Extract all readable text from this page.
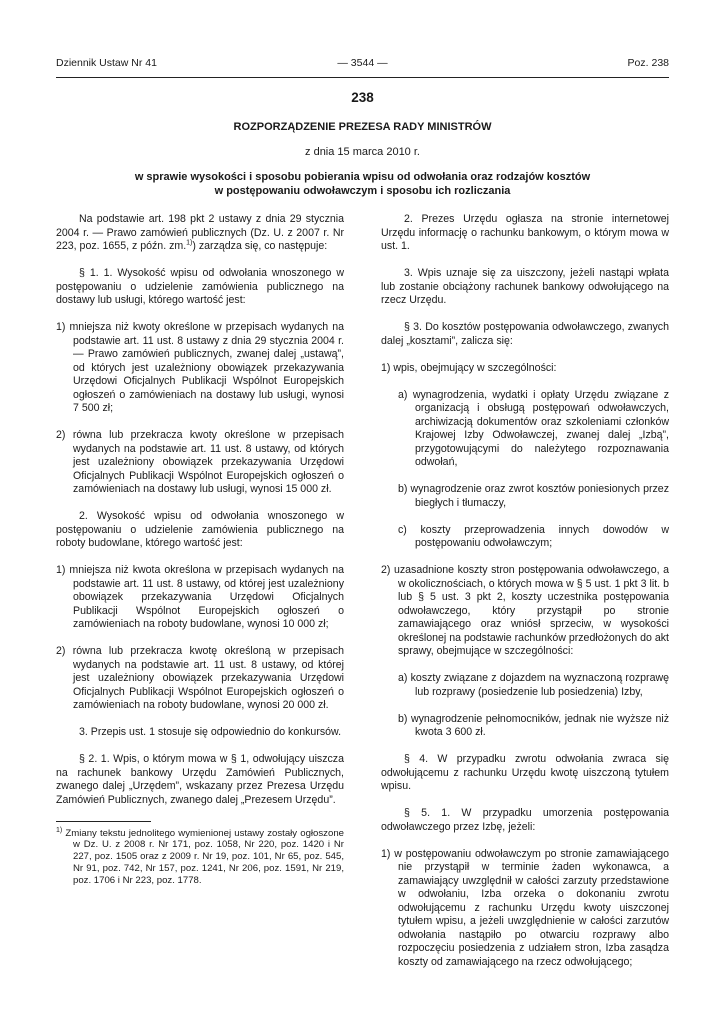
Dziennik Ustaw Nr 41	— 3544 —	Poz. 238
238
ROZPORZĄDZENIE PREZESA RADY MINISTRÓW
z dnia 15 marca 2010 r.
w sprawie wysokości i sposobu pobierania wpisu od odwołania oraz rodzajów kosztów
w postępowaniu odwoławczym i sposobu ich rozliczania

Na podstawie art. 198 pkt 2 ustawy z dnia 29 stycznia 2004 r. — Prawo zamówień publicznych (Dz. U. z 2007 r. Nr 223, poz. 1655, z późn. zm.$^{1)}$) zarządza się, co następuje:

§ 1. 1. Wysokość wpisu od odwołania wnoszonego w postępowaniu o udzielenie zamówienia publicznego na dostawy lub usługi, którego wartość jest:

1) mniejsza niż kwoty określone w przepisach wydanych na podstawie art. 11 ust. 8 ustawy z dnia 29 stycznia 2004 r. — Prawo zamówień publicznych, zwanej dalej „ustawą”, od których jest uzależniony obowiązek przekazywania Urzędowi Oficjalnych Publikacji Wspólnot Europejskich ogłoszeń o zamówieniach na dostawy lub usługi, wynosi 7 500 zł;

2) równa lub przekracza kwoty określone w przepisach wydanych na podstawie art. 11 ust. 8 ustawy, od których jest uzależniony obowiązek przekazywania Urzędowi Oficjalnych Publikacji Wspólnot Europejskich ogłoszeń o zamówieniach na dostawy lub usługi, wynosi 15 000 zł.

2. Wysokość wpisu od odwołania wnoszonego w postępowaniu o udzielenie zamówienia publicznego na roboty budowlane, którego wartość jest:

1) mniejsza niż kwota określona w przepisach wydanych na podstawie art. 11 ust. 8 ustawy, od której jest uzależniony obowiązek przekazywania Urzędowi Oficjalnych Publikacji Wspólnot Europejskich ogłoszeń o zamówieniach na roboty budowlane, wynosi 10 000 zł;

2) równa lub przekracza kwotę określoną w przepisach wydanych na podstawie art. 11 ust. 8 ustawy, od której jest uzależniony obowiązek przekazywania Urzędowi Oficjalnych Publikacji Wspólnot Europejskich ogłoszeń o zamówieniach na roboty budowlane, wynosi 20 000 zł.

3. Przepis ust. 1 stosuje się odpowiednio do konkursów.

§ 2. 1. Wpis, o którym mowa w § 1, odwołujący uiszcza na rachunek bankowy Urzędu Zamówień Publicznych, zwanego dalej „Urzędem”, wskazany przez Prezesa Urzędu Zamówień Publicznych, zwanego dalej „Prezesem Urzędu”.

$^{1)}$ Zmiany tekstu jednolitego wymienionej ustawy zostały ogłoszone w Dz. U. z 2008 r. Nr 171, poz. 1058, Nr 220, poz. 1420 i Nr 227, poz. 1505 oraz z 2009 r. Nr 19, poz. 101, Nr 65, poz. 545, Nr 91, poz. 742, Nr 157, poz. 1241, Nr 206, poz. 1591, Nr 219, poz. 1706 i Nr 223, poz. 1778.

2. Prezes Urzędu ogłasza na stronie internetowej Urzędu informację o rachunku bankowym, o którym mowa w ust. 1.

3. Wpis uznaje się za uiszczony, jeżeli nastąpi wpłata lub zostanie obciążony rachunek bankowy odwołującego na rzecz Urzędu.

§ 3. Do kosztów postępowania odwoławczego, zwanych dalej „kosztami”, zalicza się:

1) wpis, obejmujący w szczególności:

a) wynagrodzenia, wydatki i opłaty Urzędu związane z organizacją i obsługą postępowań odwoławczych, archiwizacją dokumentów oraz szkoleniami członków Krajowej Izby Odwoławczej, zwanej dalej „Izbą”, przygotowującymi do należytego rozpoznawania odwołań,

b) wynagrodzenie oraz zwrot kosztów poniesionych przez biegłych i tłumaczy,

c) koszty przeprowadzenia innych dowodów w postępowaniu odwoławczym;

2) uzasadnione koszty stron postępowania odwoławczego, a w okolicznościach, o których mowa w § 5 ust. 1 pkt 3 lit. b lub § 5 ust. 3 pkt 2, koszty uczestnika postępowania odwoławczego, który przystąpił po stronie zamawiającego oraz wniósł sprzeciw, w wysokości określonej na podstawie rachunków przedłożonych do akt sprawy, obejmujące w szczególności:

a) koszty związane z dojazdem na wyznaczoną rozprawę lub rozprawy (posiedzenie lub posiedzenia) Izby,

b) wynagrodzenie pełnomocników, jednak nie wyższe niż kwota 3 600 zł.

§ 4. W przypadku zwrotu odwołania zwraca się odwołującemu z rachunku Urzędu kwotę uiszczoną tytułem wpisu.

§ 5. 1. W przypadku umorzenia postępowania odwoławczego przez Izbę, jeżeli:

1) w postępowaniu odwoławczym po stronie zamawiającego nie przystąpił w terminie żaden wykonawca, a zamawiający uwzględnił w całości zarzuty przedstawione w odwołaniu, Izba orzeka o dokonaniu zwrotu odwołującemu z rachunku Urzędu kwoty uiszczonej tytułem wpisu, a jeżeli uwzględnienie w całości zarzutów odwołania nastąpiło po otwarciu rozprawy albo rozpoczęciu posiedzenia z udziałem stron, Izba zasądza koszty od zamawiającego na rzecz odwołującego;
